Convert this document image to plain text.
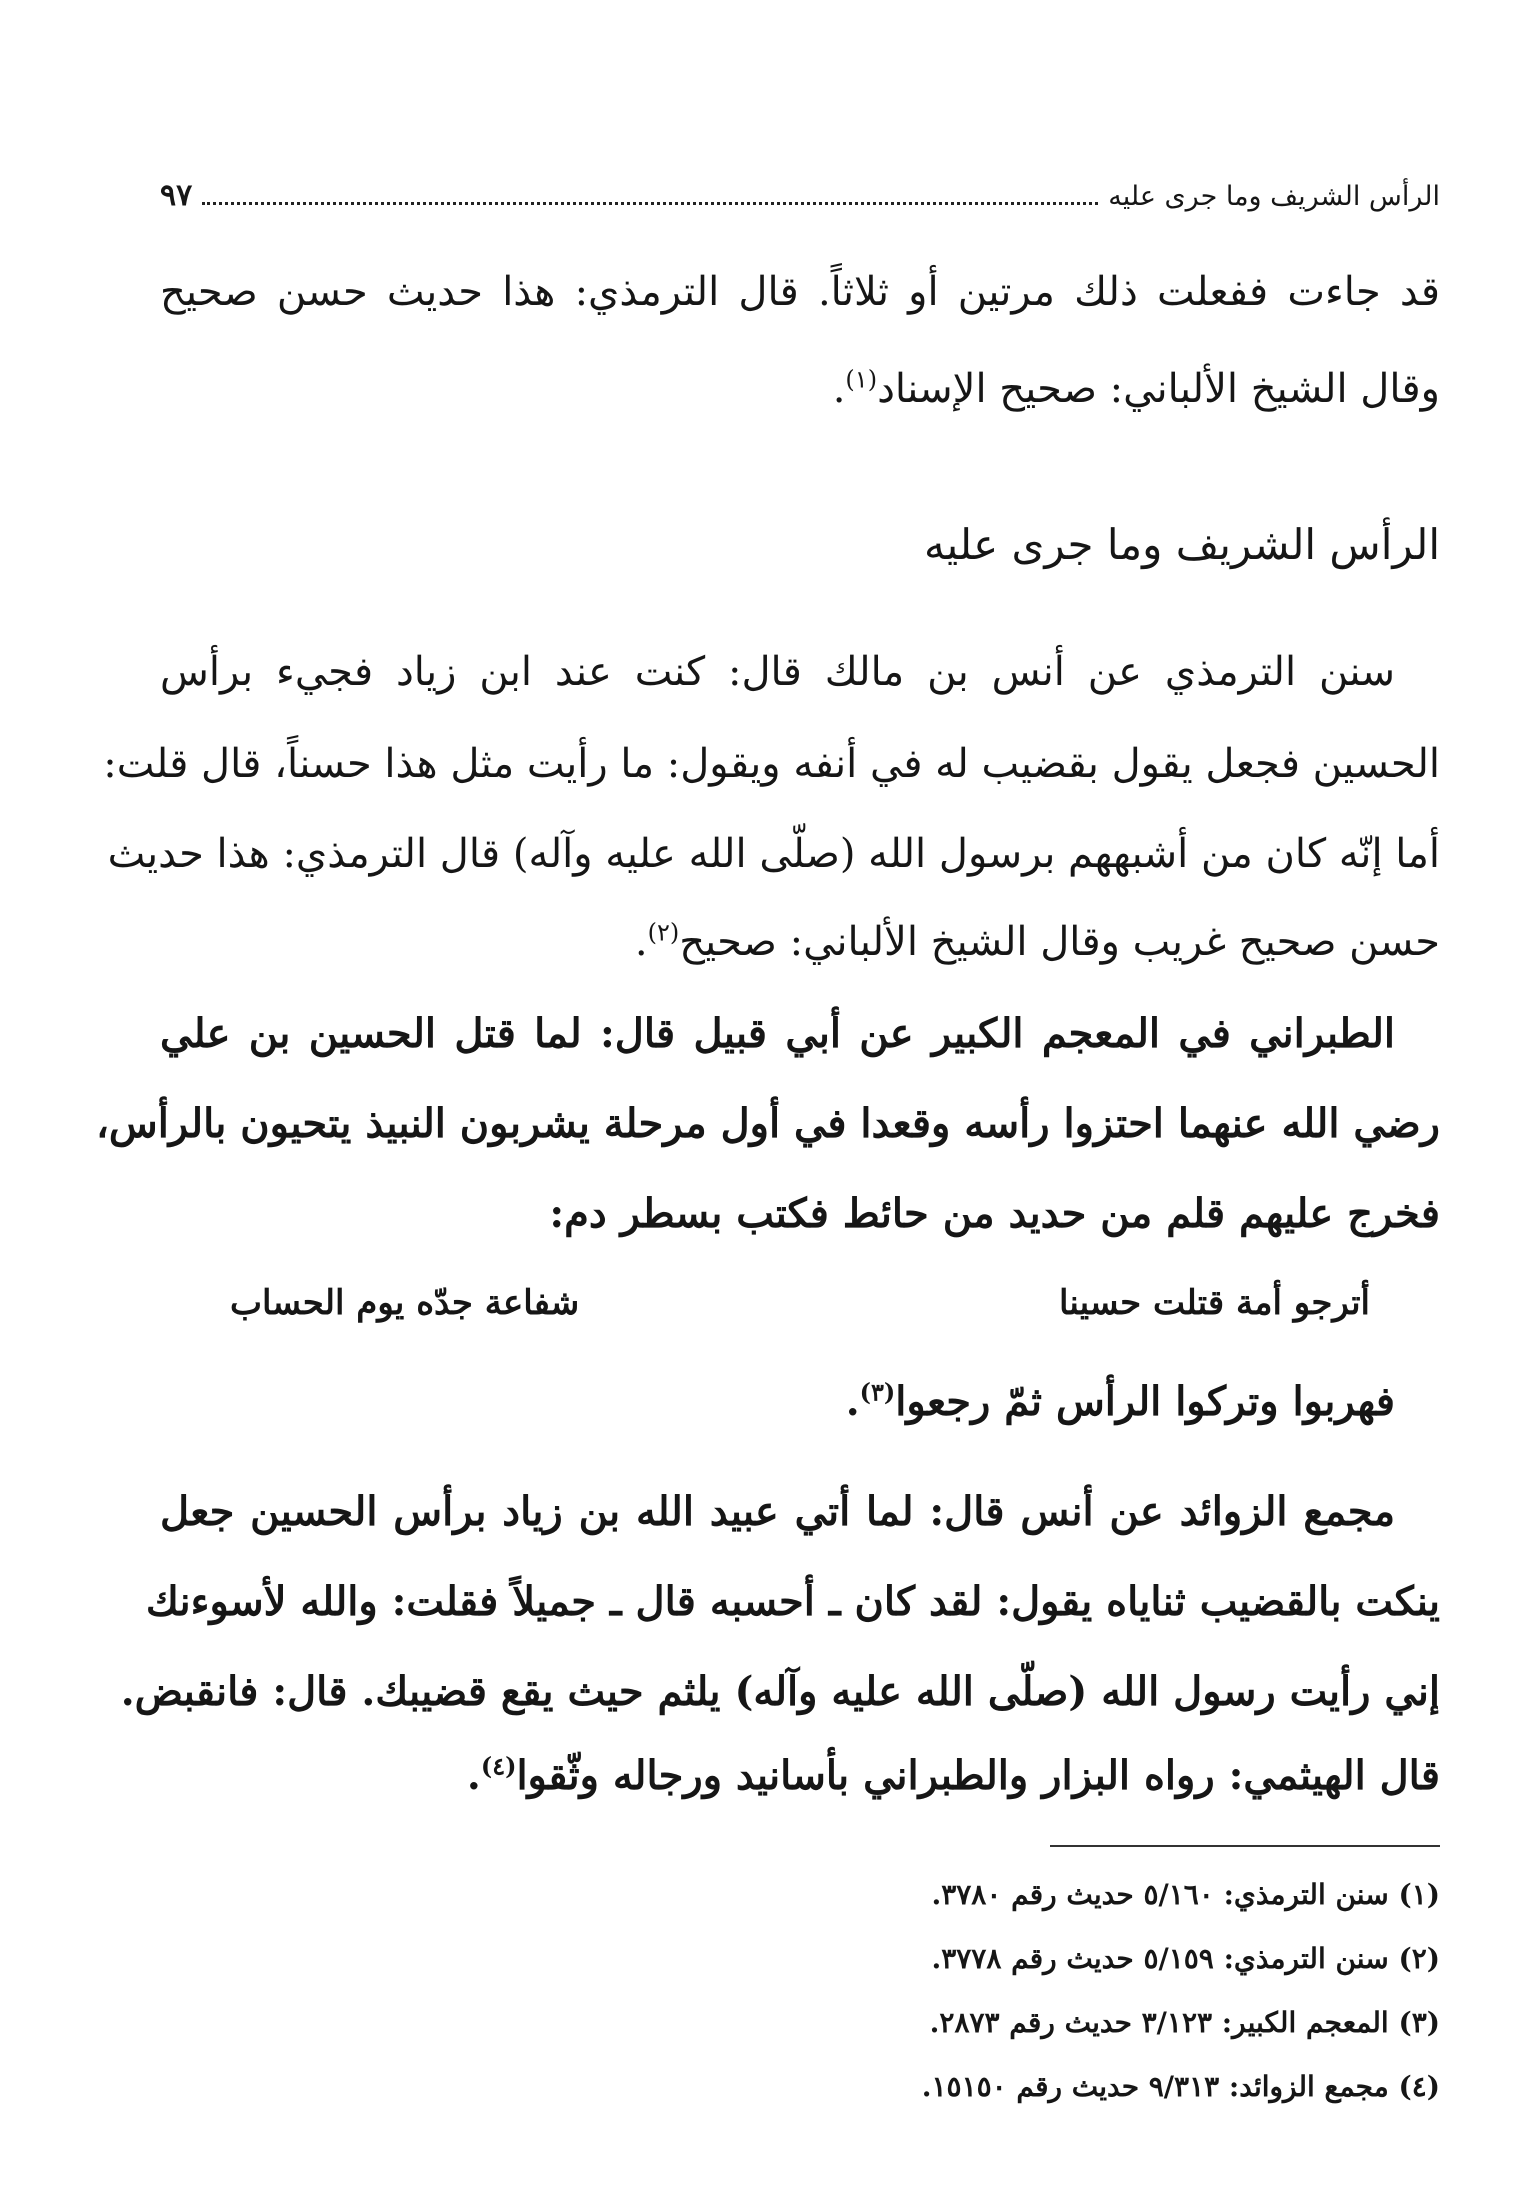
الرأس الشريف وما جرى عليه
٩٧
قد جاءت ففعلت ذلك مرتين أو ثلاثاً. قال الترمذي: هذا حديث حسن صحيح
وقال الشيخ الألباني: صحيح الإسناد$^{(١)}$.
الرأس الشريف وما جرى عليه
سنن الترمذي عن أنس بن مالك قال: كنت عند ابن زياد فجيء برأس
الحسين فجعل يقول بقضيب له في أنفه ويقول: ما رأيت مثل هذا حسناً، قال قلت:
أما إنّه كان من أشبههم برسول الله (صلّى الله عليه وآله) قال الترمذي: هذا حديث
حسن صحيح غريب وقال الشيخ الألباني: صحيح$^{(٢)}$.
الطبراني في المعجم الكبير عن أبي قبيل قال: لما قتل الحسين بن علي
رضي الله عنهما احتزوا رأسه وقعدا في أول مرحلة يشربون النبيذ يتحيون بالرأس،
فخرج عليهم قلم من حديد من حائط فكتب بسطر دم:
أترجو أمة قتلت حسينا
شفاعة جدّه يوم الحساب
فهربوا وتركوا الرأس ثمّ رجعوا$^{(٣)}$.
مجمع الزوائد عن أنس قال: لما أتي عبيد الله بن زياد برأس الحسين جعل
ينكت بالقضيب ثناياه يقول: لقد كان ـ أحسبه قال ـ جميلاً فقلت: والله لأسوءنك
إني رأيت رسول الله (صلّى الله عليه وآله) يلثم حيث يقع قضيبك. قال: فانقبض.
قال الهيثمي: رواه البزار والطبراني بأسانيد ورجاله وثّقوا$^{(٤)}$.
(١) سنن الترمذي: ٥/١٦٠ حديث رقم ٣٧٨٠.
(٢) سنن الترمذي: ٥/١٥٩ حديث رقم ٣٧٧٨.
(٣) المعجم الكبير: ٣/١٢٣ حديث رقم ٢٨٧٣.
(٤) مجمع الزوائد: ٩/٣١٣ حديث رقم ١٥١٥٠.
